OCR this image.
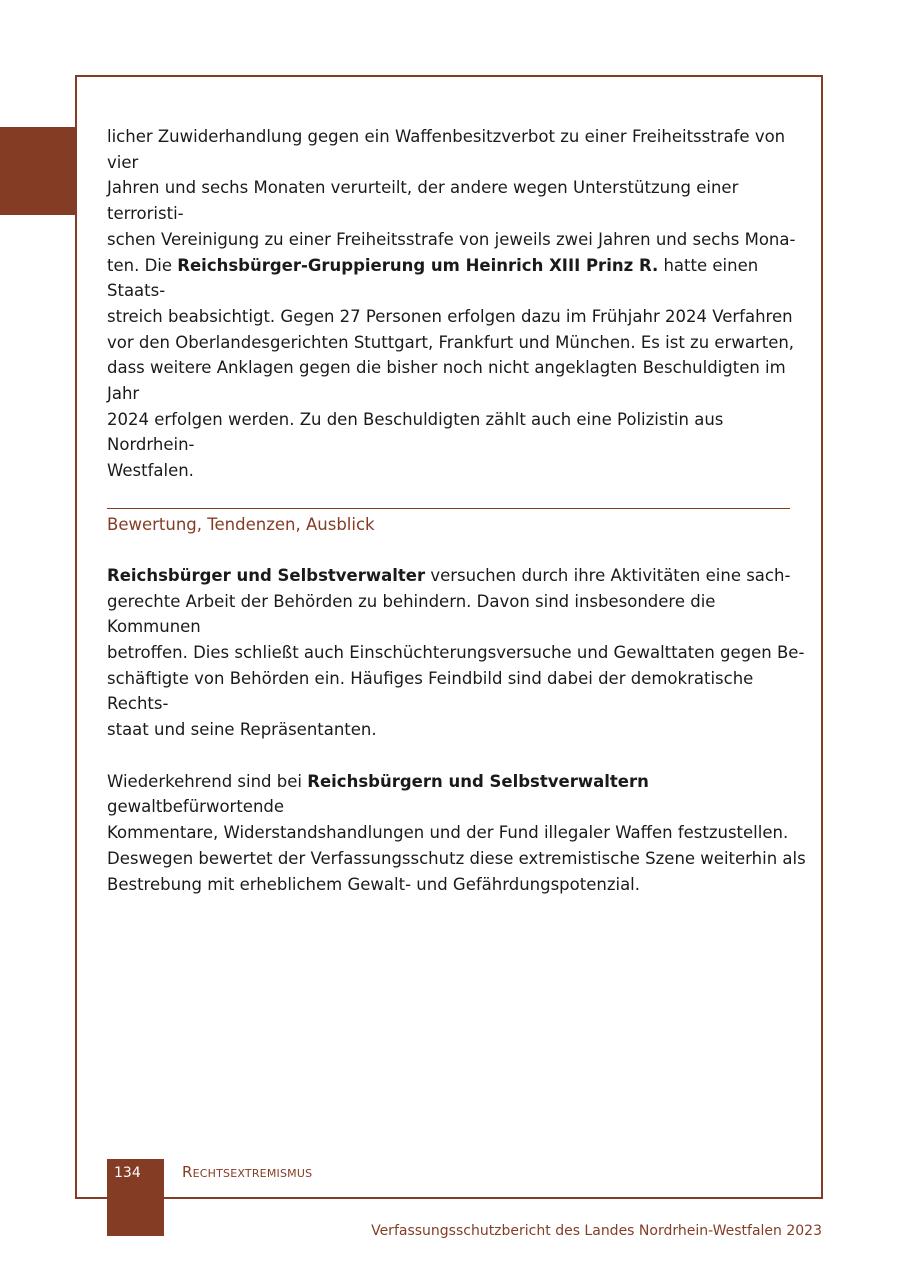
licher Zuwiderhandlung gegen ein Waffenbesitzverbot zu einer Freiheitsstrafe von vier
Jahren und sechs Monaten verurteilt, der andere wegen Unterstützung einer terroristi-
schen Vereinigung zu einer Freiheitsstrafe von jeweils zwei Jahren und sechs Mona-
ten. Die Reichsbürger-Gruppierung um Heinrich XIII Prinz R. hatte einen Staats-
streich beabsichtigt. Gegen 27 Personen erfolgen dazu im Frühjahr 2024 Verfahren
vor den Oberlandesgerichten Stuttgart, Frankfurt und München. Es ist zu erwarten,
dass weitere Anklagen gegen die bisher noch nicht angeklagten Beschuldigten im Jahr
2024 erfolgen werden. Zu den Beschuldigten zählt auch eine Polizistin aus Nordrhein-
Westfalen.
Bewertung, Tendenzen, Ausblick
Reichsbürger und Selbstverwalter versuchen durch ihre Aktivitäten eine sach-
gerechte Arbeit der Behörden zu behindern. Davon sind insbesondere die Kommunen
betroffen. Dies schließt auch Einschüchterungsversuche und Gewalttaten gegen Be-
schäftigte von Behörden ein. Häufiges Feindbild sind dabei der demokratische Rechts-
staat und seine Repräsentanten.
Wiederkehrend sind bei Reichsbürgern und Selbstverwaltern gewaltbefürwortende
Kommentare, Widerstandshandlungen und der Fund illegaler Waffen festzustellen.
Deswegen bewertet der Verfassungsschutz diese extremistische Szene weiterhin als
Bestrebung mit erheblichem Gewalt- und Gefährdungspotenzial.
134	Rechtsextremismus
Verfassungsschutzbericht des Landes Nordrhein-Westfalen 2023
